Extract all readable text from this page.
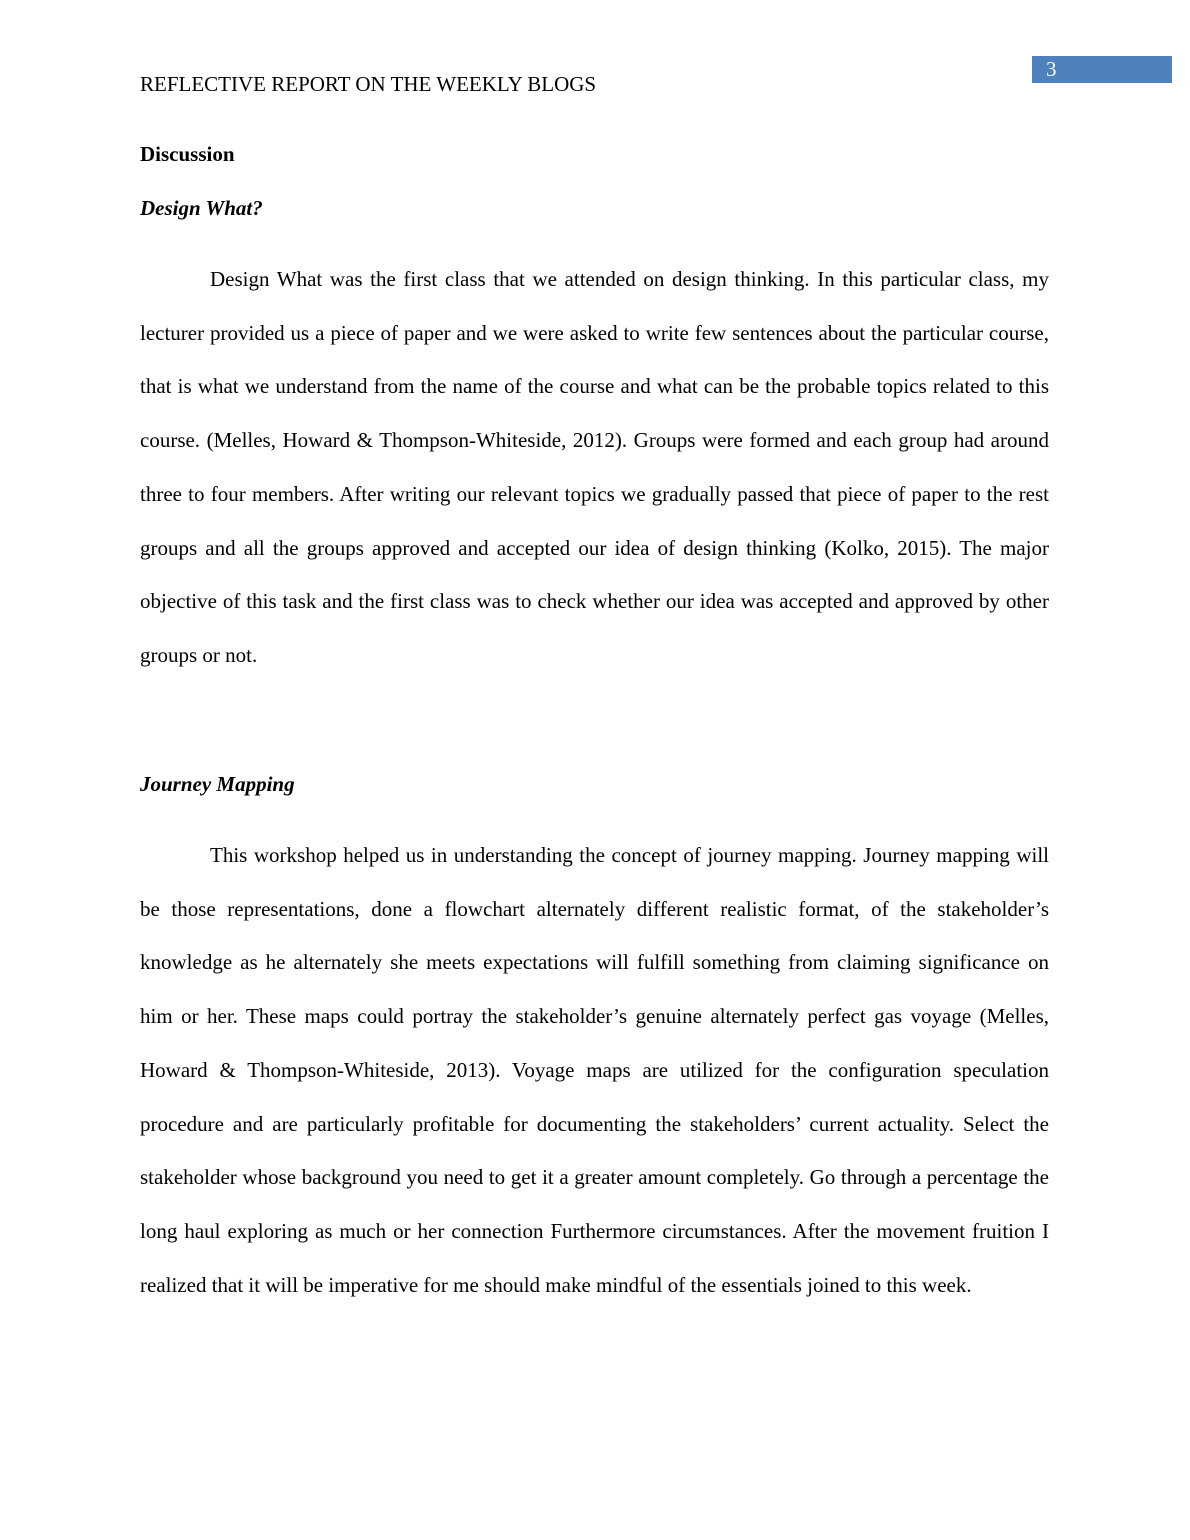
3
REFLECTIVE REPORT ON THE WEEKLY BLOGS
Discussion
Design What?

Design What was the first class that we attended on design thinking. In this particular class, my lecturer provided us a piece of paper and we were asked to write few sentences about the particular course, that is what we understand from the name of the course and what can be the probable topics related to this course. (Melles, Howard & Thompson-Whiteside, 2012). Groups were formed and each group had around three to four members. After writing our relevant topics we gradually passed that piece of paper to the rest groups and all the groups approved and accepted our idea of design thinking (Kolko, 2015). The major objective of this task and the first class was to check whether our idea was accepted and approved by other groups or not.

Journey Mapping

This workshop helped us in understanding the concept of journey mapping. Journey mapping will be those representations, done a flowchart alternately different realistic format, of the stakeholder’s knowledge as he alternately she meets expectations will fulfill something from claiming significance on him or her. These maps could portray the stakeholder’s genuine alternately perfect gas voyage (Melles, Howard & Thompson-Whiteside, 2013). Voyage maps are utilized for the configuration speculation procedure and are particularly profitable for documenting the stakeholders’ current actuality. Select the stakeholder whose background you need to get it a greater amount completely. Go through a percentage the long haul exploring as much or her connection Furthermore circumstances. After the movement fruition I realized that it will be imperative for me should make mindful of the essentials joined to this week.
